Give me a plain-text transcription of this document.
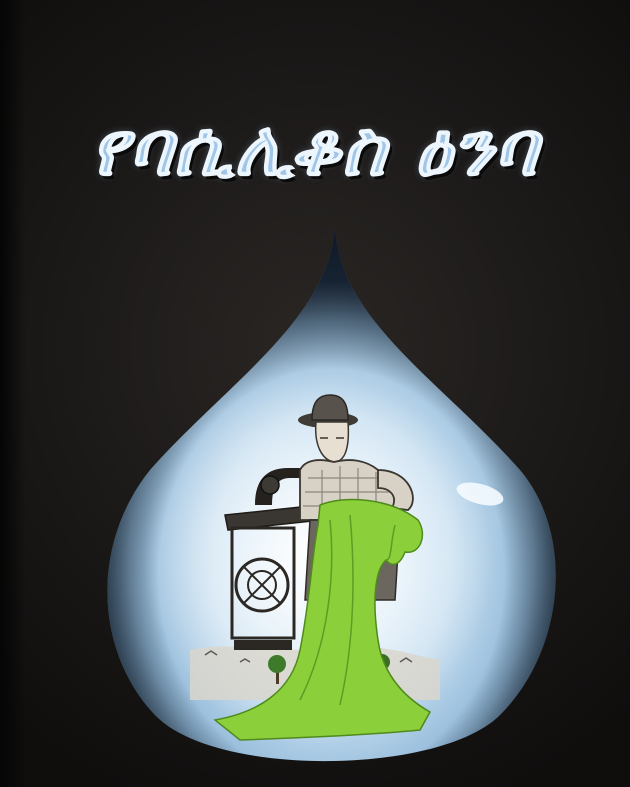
የባሲሊቆስ ዕንባ
